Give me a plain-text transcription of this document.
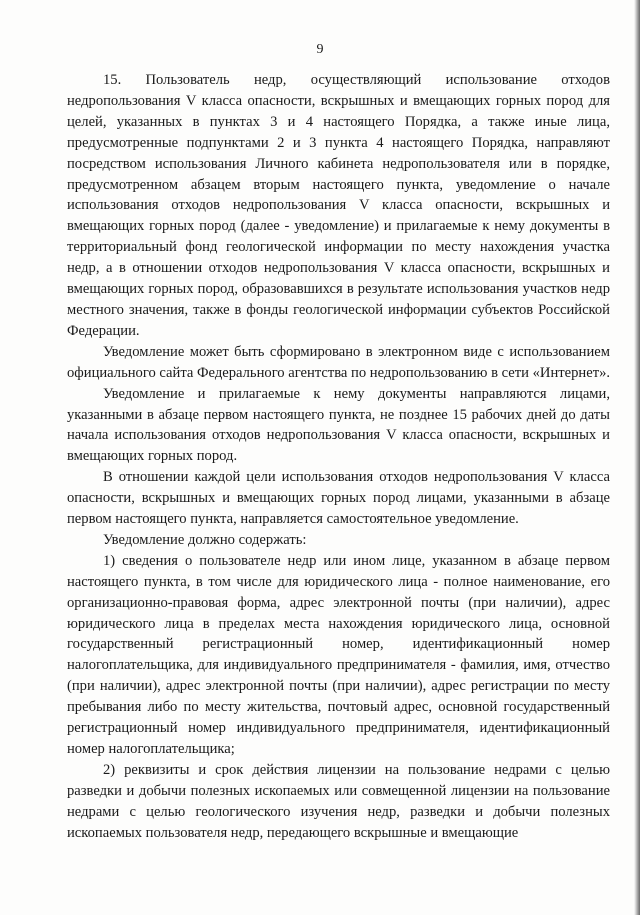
9

15. Пользователь недр, осуществляющий использование отходов недропользования V класса опасности, вскрышных и вмещающих горных пород для целей, указанных в пунктах 3 и 4 настоящего Порядка, а также иные лица, предусмотренные подпунктами 2 и 3 пункта 4 настоящего Порядка, направляют посредством использования Личного кабинета недропользователя или в порядке, предусмотренном абзацем вторым настоящего пункта, уведомление о начале использования отходов недропользования V класса опасности, вскрышных и вмещающих горных пород (далее - уведомление) и прилагаемые к нему документы в территориальный фонд геологической информации по месту нахождения участка недр, а в отношении отходов недропользования V класса опасности, вскрышных и вмещающих горных пород, образовавшихся в результате использования участков недр местного значения, также в фонды геологической информации субъектов Российской Федерации.

Уведомление может быть сформировано в электронном виде с использованием официального сайта Федерального агентства по недропользованию в сети «Интернет».

Уведомление и прилагаемые к нему документы направляются лицами, указанными в абзаце первом настоящего пункта, не позднее 15 рабочих дней до даты начала использования отходов недропользования V класса опасности, вскрышных и вмещающих горных пород.

В отношении каждой цели использования отходов недропользования V класса опасности, вскрышных и вмещающих горных пород лицами, указанными в абзаце первом настоящего пункта, направляется самостоятельное уведомление.

Уведомление должно содержать:

1) сведения о пользователе недр или ином лице, указанном в абзаце первом настоящего пункта, в том числе для юридического лица - полное наименование, его организационно-правовая форма, адрес электронной почты (при наличии), адрес юридического лица в пределах места нахождения юридического лица, основной государственный регистрационный номер, идентификационный номер налогоплательщика, для индивидуального предпринимателя - фамилия, имя, отчество (при наличии), адрес электронной почты (при наличии), адрес регистрации по месту пребывания либо по месту жительства, почтовый адрес, основной государственный регистрационный номер индивидуального предпринимателя, идентификационный номер налогоплательщика;

2) реквизиты и срок действия лицензии на пользование недрами с целью разведки и добычи полезных ископаемых или совмещенной лицензии на пользование недрами с целью геологического изучения недр, разведки и добычи полезных ископаемых пользователя недр, передающего вскрышные и вмещающие
